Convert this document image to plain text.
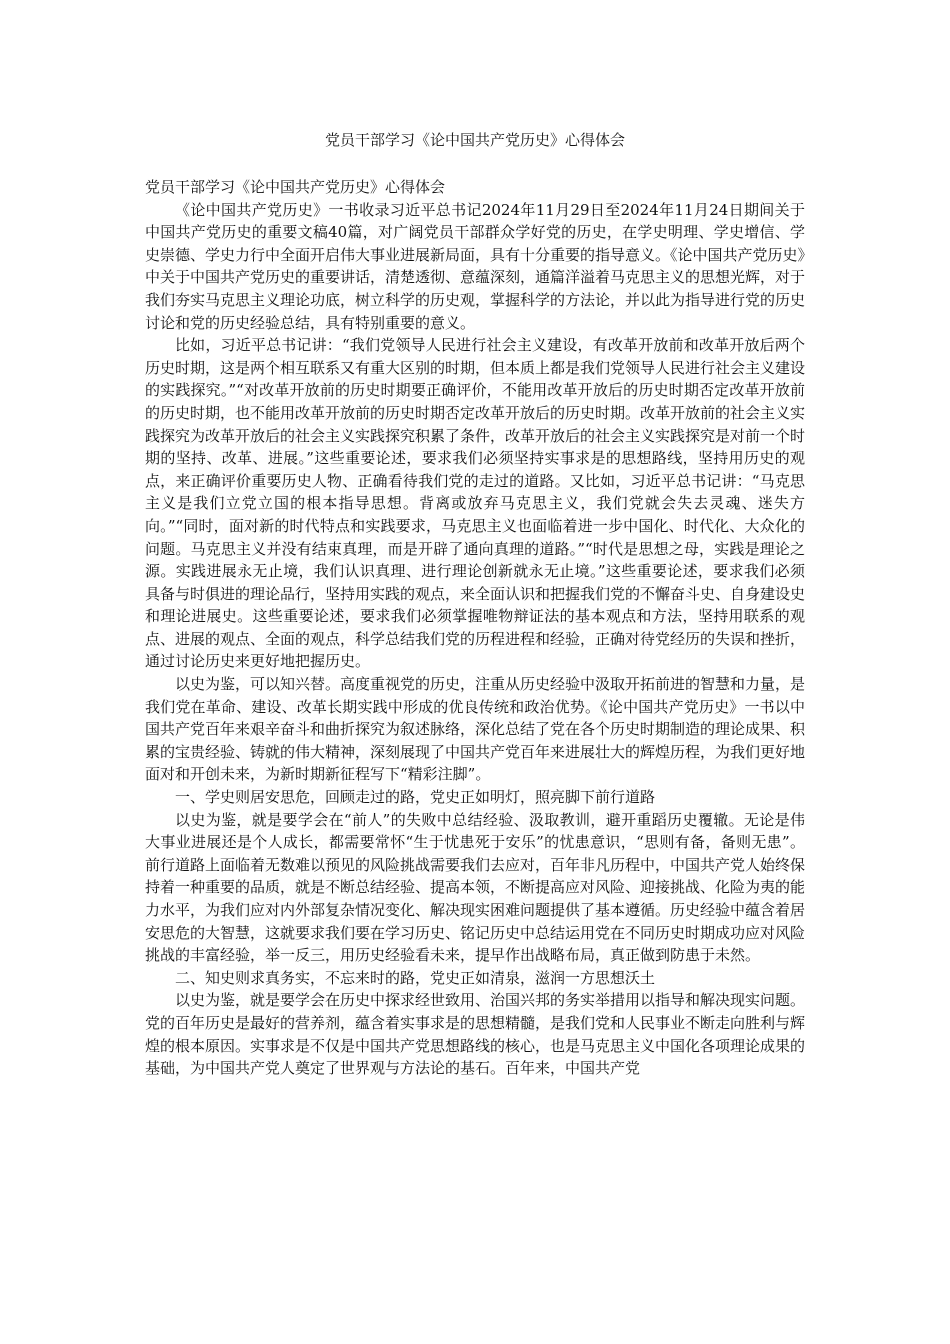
党员干部学习《论中国共产党历史》心得体会

党员干部学习《论中国共产党历史》心得体会

《论中国共产党历史》一书收录习近平总书记2024年11月29日至2024年11月24日期间关于中国共产党历史的重要文稿40篇，对广阔党员干部群众学好党的历史，在学史明理、学史增信、学史崇德、学史力行中全面开启伟大事业进展新局面，具有十分重要的指导意义。《论中国共产党历史》中关于中国共产党历史的重要讲话，清楚透彻、意蕴深刻，通篇洋溢着马克思主义的思想光辉，对于我们夯实马克思主义理论功底，树立科学的历史观，掌握科学的方法论，并以此为指导进行党的历史讨论和党的历史经验总结，具有特别重要的意义。

比如，习近平总书记讲：“我们党领导人民进行社会主义建设，有改革开放前和改革开放后两个历史时期，这是两个相互联系又有重大区别的时期，但本质上都是我们党领导人民进行社会主义建设的实践探究。”“对改革开放前的历史时期要正确评价，不能用改革开放后的历史时期否定改革开放前的历史时期，也不能用改革开放前的历史时期否定改革开放后的历史时期。改革开放前的社会主义实践探究为改革开放后的社会主义实践探究积累了条件，改革开放后的社会主义实践探究是对前一个时期的坚持、改革、进展。”这些重要论述，要求我们必须坚持实事求是的思想路线，坚持用历史的观点，来正确评价重要历史人物、正确看待我们党的走过的道路。又比如，习近平总书记讲：“马克思主义是我们立党立国的根本指导思想。背离或放弃马克思主义，我们党就会失去灵魂、迷失方向。”“同时，面对新的时代特点和实践要求，马克思主义也面临着进一步中国化、时代化、大众化的问题。马克思主义并没有结束真理，而是开辟了通向真理的道路。”“时代是思想之母，实践是理论之源。实践进展永无止境，我们认识真理、进行理论创新就永无止境。”这些重要论述，要求我们必须具备与时俱进的理论品行，坚持用实践的观点，来全面认识和把握我们党的不懈奋斗史、自身建设史和理论进展史。这些重要论述，要求我们必须掌握唯物辩证法的基本观点和方法，坚持用联系的观点、进展的观点、全面的观点，科学总结我们党的历程进程和经验，正确对待党经历的失误和挫折，通过讨论历史来更好地把握历史。

以史为鉴，可以知兴替。高度重视党的历史，注重从历史经验中汲取开拓前进的智慧和力量，是我们党在革命、建设、改革长期实践中形成的优良传统和政治优势。《论中国共产党历史》一书以中国共产党百年来艰辛奋斗和曲折探究为叙述脉络，深化总结了党在各个历史时期制造的理论成果、积累的宝贵经验、铸就的伟大精神，深刻展现了中国共产党百年来进展壮大的辉煌历程，为我们更好地面对和开创未来，为新时期新征程写下“精彩注脚”。

一、学史则居安思危，回顾走过的路，党史正如明灯，照亮脚下前行道路

以史为鉴，就是要学会在“前人”的失败中总结经验、汲取教训，避开重蹈历史覆辙。无论是伟大事业进展还是个人成长，都需要常怀“生于忧患死于安乐”的忧患意识，“思则有备，备则无患”。前行道路上面临着无数难以预见的风险挑战需要我们去应对，百年非凡历程中，中国共产党人始终保持着一种重要的品质，就是不断总结经验、提高本领，不断提高应对风险、迎接挑战、化险为夷的能力水平，为我们应对内外部复杂情况变化、解决现实困难问题提供了基本遵循。历史经验中蕴含着居安思危的大智慧，这就要求我们要在学习历史、铭记历史中总结运用党在不同历史时期成功应对风险挑战的丰富经验，举一反三，用历史经验看未来，提早作出战略布局，真正做到防患于未然。

二、知史则求真务实，不忘来时的路，党史正如清泉，滋润一方思想沃土

以史为鉴，就是要学会在历史中探求经世致用、治国兴邦的务实举措用以指导和解决现实问题。党的百年历史是最好的营养剂，蕴含着实事求是的思想精髓，是我们党和人民事业不断走向胜利与辉煌的根本原因。实事求是不仅是中国共产党思想路线的核心，也是马克思主义中国化各项理论成果的基础，为中国共产党人奠定了世界观与方法论的基石。百年来，中国共产党
